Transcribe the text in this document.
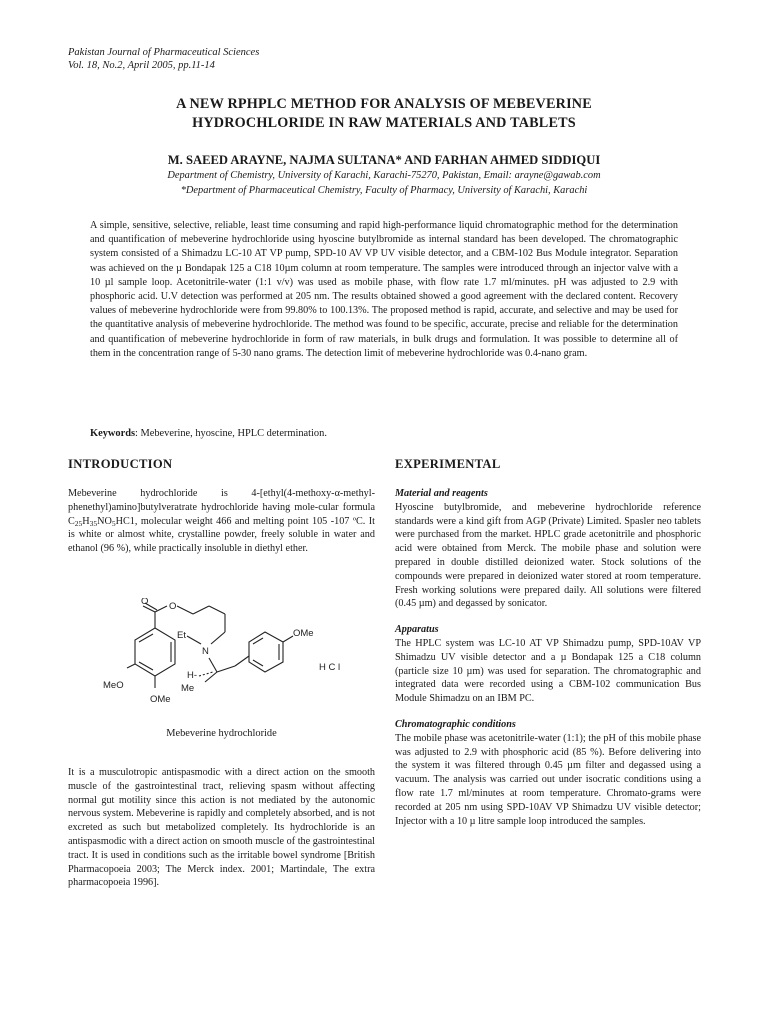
Pakistan Journal of Pharmaceutical Sciences
Vol. 18, No.2, April 2005, pp.11-14
A NEW RPHPLC METHOD FOR ANALYSIS OF MEBEVERINE
HYDROCHLORIDE IN RAW MATERIALS AND TABLETS
M. SAEED ARAYNE, NAJMA SULTANA* AND FARHAN AHMED SIDDIQUI
Department of Chemistry, University of Karachi, Karachi-75270, Pakistan, Email: arayne@gawab.com
*Department of Pharmaceutical Chemistry, Faculty of Pharmacy, University of Karachi, Karachi

A simple, sensitive, selective, reliable, least time consuming and rapid high-performance liquid chromatographic method for the determination and quantification of mebeverine hydrochloride using hyoscine butylbromide as internal standard has been developed. The chromatographic system consisted of a Shimadzu LC-10 AT VP pump, SPD-10 AV VP UV visible detector, and a CBM-102 Bus Module integrator. Separation was achieved on the µ Bondapak 125 a C18 10µm column at room temperature. The samples were introduced through an injector valve with a 10 µl sample loop. Acetonitrile-water (1:1 v/v) was used as mobile phase, with flow rate 1.7 ml/minutes. pH was adjusted to 2.9 with phosphoric acid. U.V detection was performed at 205 nm. The results obtained showed a good agreement with the declared content. Recovery values of mebeverine hydrochloride were from 99.80% to 100.13%. The proposed method is rapid, accurate, and selective and may be used for the quantitative analysis of mebeverine hydrochloride. The method was found to be specific, accurate, precise and reliable for the determination and quantification of mebeverine hydrochloride in form of raw materials, in bulk drugs and formulation. It was possible to determine all of them in the concentration range of 5-30 nano grams. The detection limit of mebeverine hydrochloride was 0.4-nano gram.

Keywords: Mebeverine, hyoscine, HPLC determination.
INTRODUCTION
Mebeverine hydrochloride is 4-[ethyl(4-methoxy-α-methyl-phenethyl)amino]butylveratrate hydrochloride having mole-cular formula $C_{25}H_{35}NO_5HC1$, molecular weight 466 and melting point 105 -107 ºC. It is white or almost white, crystalline powder, freely soluble in water and ethanol (96 %), while practically insoluble in diethyl ether.
O O
Et
N
OMe
H C l
H-
Me
MeO
OMe
Mebeverine hydrochloride

It is a musculotropic antispasmodic with a direct action on the smooth muscle of the gastrointestinal tract, relieving spasm without affecting normal gut motility since this action is not mediated by the autonomic nervous system. Mebeverine is rapidly and completely absorbed, and is not excreted as such but metabolized completely. Its hydrochloride is an antispasmodic with a direct action on smooth muscle of the gastrointestinal tract. It is used in conditions such as the irritable bowel syndrome [British Pharmacopoeia 2003; The Merck index. 2001; Martindale, The extra pharmacopoeia 1996].

EXPERIMENTAL
Material and reagents

Hyoscine butylbromide, and mebeverine hydrochloride reference standards were a kind gift from AGP (Private) Limited. Spasler neo tablets were purchased from the market. HPLC grade acetonitrile and phosphoric acid were obtained from Merck. The mobile phase and solution were prepared in double distilled deionized water. Stock solutions of the compounds were prepared in deionized water stored at room temperature. Fresh working solutions were prepared daily. All solutions were filtered (0.45 µm) and degassed by sonicator.

Apparatus

The HPLC system was LC-10 AT VP Shimadzu pump, SPD-10AV VP Shimadzu UV visible detector and a µ Bondapak 125 a C18 column (particle size 10 µm) was used for separation. The chromatographic and integrated data were recorded using a CBM-102 communication Bus Module Shimadzu on an IBM PC.

Chromatographic conditions

The mobile phase was acetonitrile-water (1:1); the pH of this mobile phase was adjusted to 2.9 with phosphoric acid (85 %). Before delivering into the system it was filtered through 0.45 µm filter and degassed using a vacuum. The analysis was carried out under isocratic conditions using a flow rate 1.7 ml/minutes at room temperature. Chromato-grams were recorded at 205 nm using SPD-10AV VP Shimadzu UV visible detector; Injector with a 10 µ litre sample loop introduced the samples.
